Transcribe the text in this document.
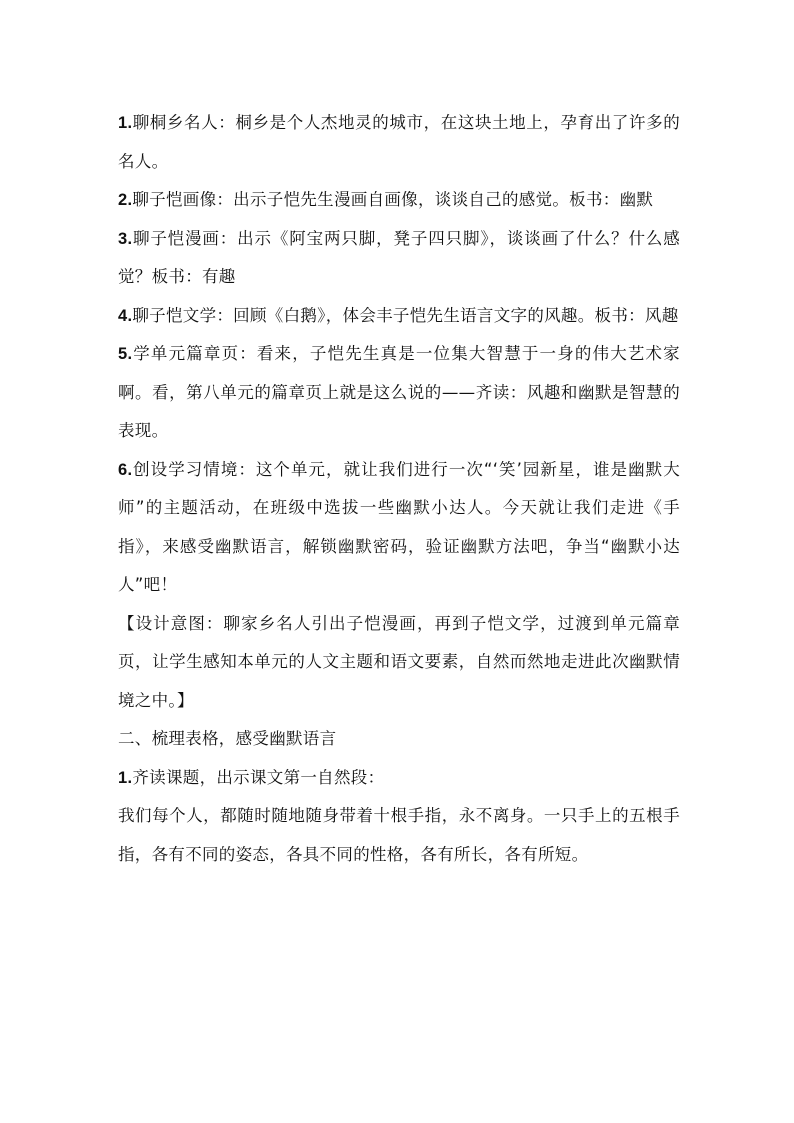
1.聊桐乡名人：桐乡是个人杰地灵的城市，在这块土地上，孕育出了许多的名人。

2.聊子恺画像：出示子恺先生漫画自画像，谈谈自己的感觉。板书：幽默

3.聊子恺漫画：出示《阿宝两只脚，凳子四只脚》，谈谈画了什么？什么感觉？板书：有趣

4.聊子恺文学：回顾《白鹅》，体会丰子恺先生语言文字的风趣。板书：风趣

5.学单元篇章页：看来，子恺先生真是一位集大智慧于一身的伟大艺术家啊。看，第八单元的篇章页上就是这么说的——齐读：风趣和幽默是智慧的表现。

6.创设学习情境：这个单元，就让我们进行一次“‘笑’园新星，谁是幽默大师”的主题活动，在班级中选拔一些幽默小达人。今天就让我们走进《手指》，来感受幽默语言，解锁幽默密码，验证幽默方法吧，争当“幽默小达人”吧！

【设计意图：聊家乡名人引出子恺漫画，再到子恺文学，过渡到单元篇章页，让学生感知本单元的人文主题和语文要素，自然而然地走进此次幽默情境之中。】

二、梳理表格，感受幽默语言

1.齐读课题，出示课文第一自然段：

我们每个人，都随时随地随身带着十根手指，永不离身。一只手上的五根手指，各有不同的姿态，各具不同的性格，各有所长，各有所短。
